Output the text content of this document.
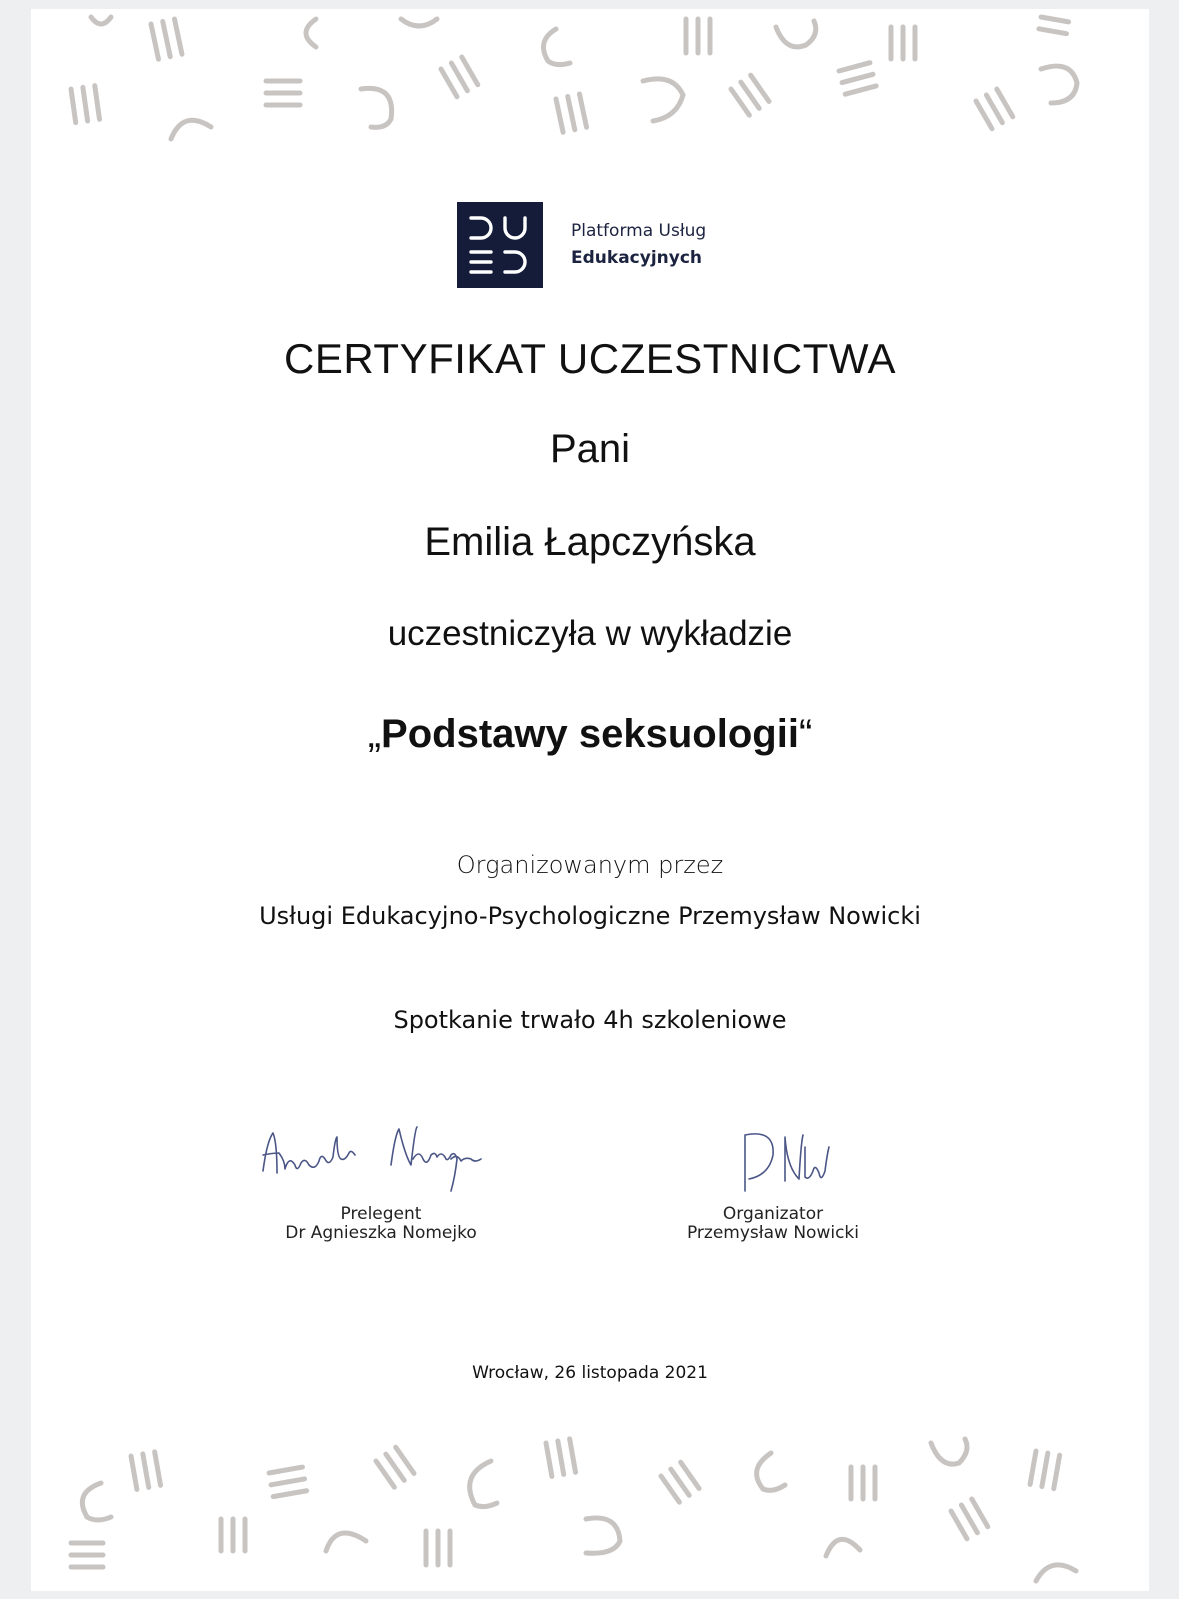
Platforma Usług
Edukacyjnych
CERTYFIKAT UCZESTNICTWA
Pani
Emilia Łapczyńska
uczestniczyła w wykładzie
„Podstawy seksuologii“
Organizowanym przez
Usługi Edukacyjno-Psychologiczne Przemysław Nowicki
Spotkanie trwało 4h szkoleniowe
Prelegent
Dr Agnieszka Nomejko
Organizator
Przemysław Nowicki
Wrocław, 26 listopada 2021
